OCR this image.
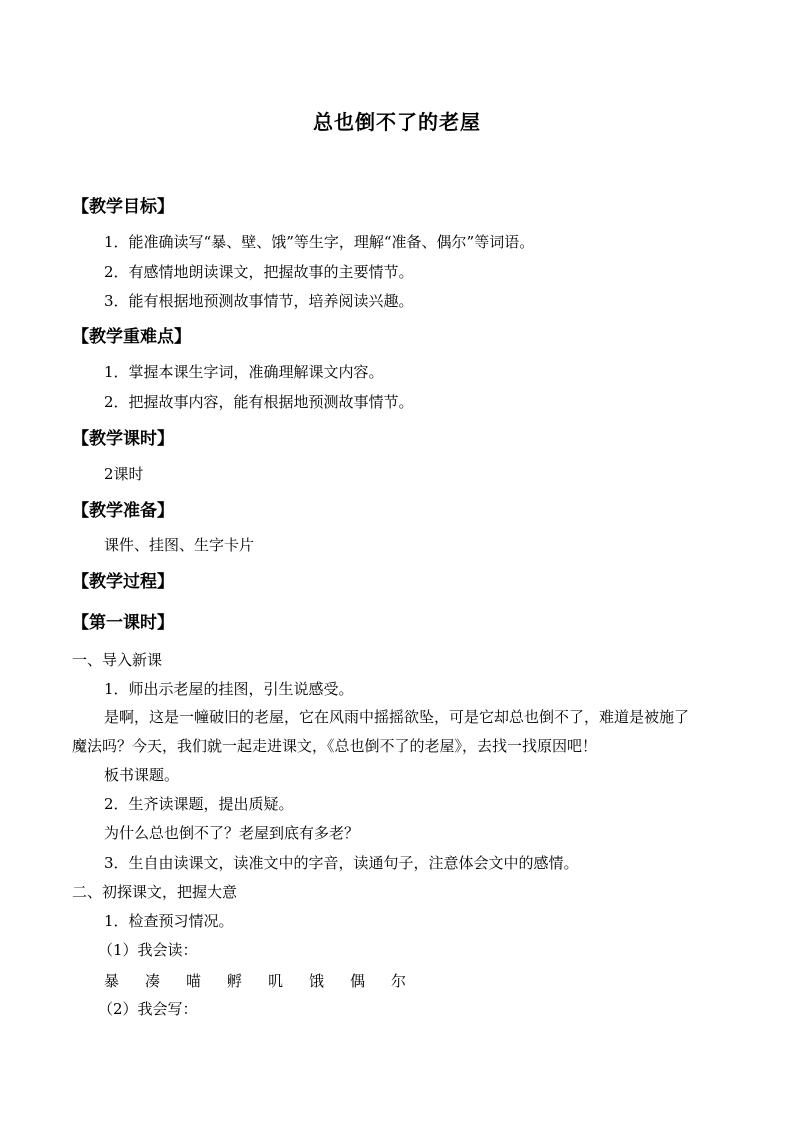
总也倒不了的老屋
【教学目标】
1．能准确读写“暴、壁、饿”等生字，理解“准备、偶尔”等词语。
2．有感情地朗读课文，把握故事的主要情节。
3．能有根据地预测故事情节，培养阅读兴趣。
【教学重难点】
1．掌握本课生字词，准确理解课文内容。
2．把握故事内容，能有根据地预测故事情节。
【教学课时】
2课时
【教学准备】
课件、挂图、生字卡片
【教学过程】
【第一课时】
一、导入新课
1．师出示老屋的挂图，引生说感受。
是啊，这是一幢破旧的老屋，它在风雨中摇摇欲坠，可是它却总也倒不了，难道是被施了
魔法吗？今天，我们就一起走进课文，《总也倒不了的老屋》，去找一找原因吧！
板书课题。
2．生齐读课题，提出质疑。
为什么总也倒不了？老屋到底有多老？
3．生自由读课文，读准文中的字音，读通句子，注意体会文中的感情。
二、初探课文，把握大意
1．检查预习情况。
（1）我会读：
暴	凑	喵	孵	叽	饿	偶	尔
（2）我会写：
